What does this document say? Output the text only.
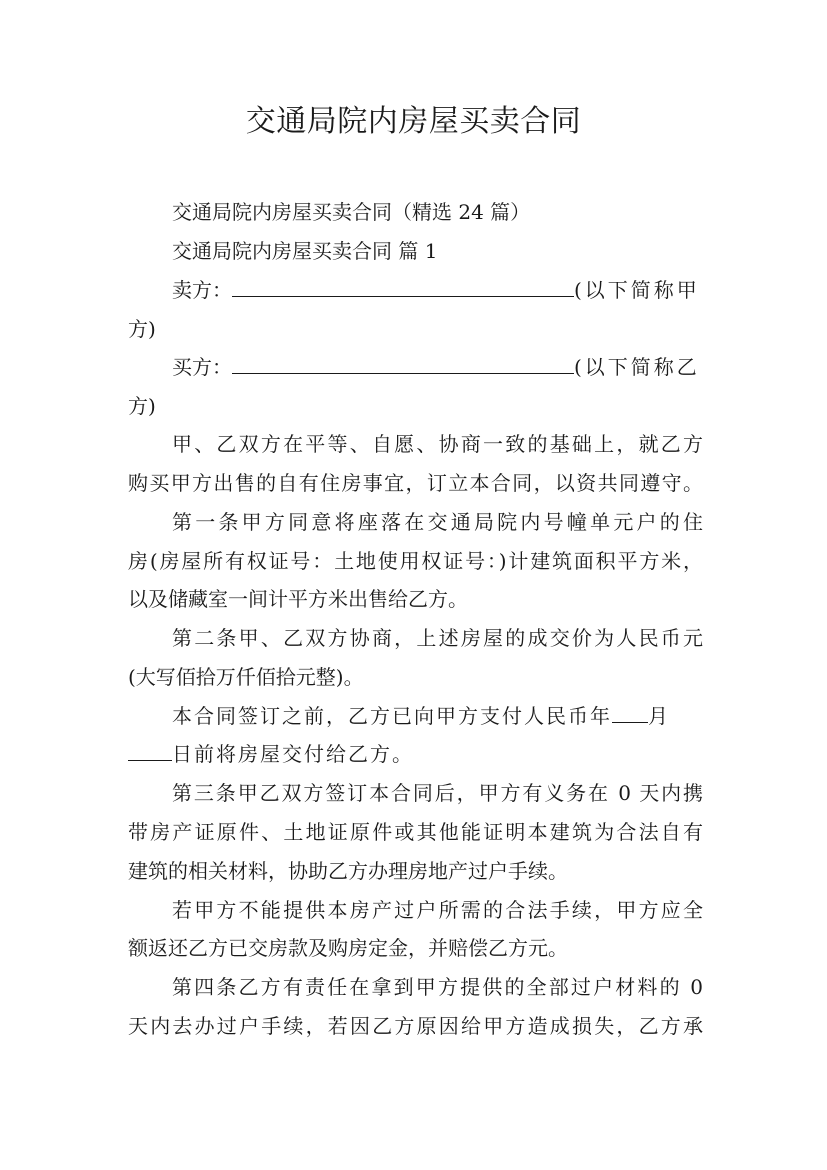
交通局院内房屋买卖合同

交通局院内房屋买卖合同（精选 24 篇）

交通局院内房屋买卖合同 篇 1

卖方：	(以下简称甲

方)

买方：	(以下简称乙

方)

甲、乙双方在平等、自愿、协商一致的基础上，就乙方

购买甲方出售的自有住房事宜，订立本合同，以资共同遵守。

第一条甲方同意将座落在交通局院内号幢单元户的住

房(房屋所有权证号：土地使用权证号：)计建筑面积平方米，

以及储藏室一间计平方米出售给乙方。

第二条甲、乙双方协商，上述房屋的成交价为人民币元

(大写佰拾万仟佰拾元整)。

本合同签订之前，乙方已向甲方支付人民币年 月

日前将房屋交付给乙方。

第三条甲乙双方签订本合同后，甲方有义务在 0 天内携

带房产证原件、土地证原件或其他能证明本建筑为合法自有

建筑的相关材料，协助乙方办理房地产过户手续。

若甲方不能提供本房产过户所需的合法手续，甲方应全

额返还乙方已交房款及购房定金，并赔偿乙方元。

第四条乙方有责任在拿到甲方提供的全部过户材料的 0

天内去办过户手续，若因乙方原因给甲方造成损失，乙方承
